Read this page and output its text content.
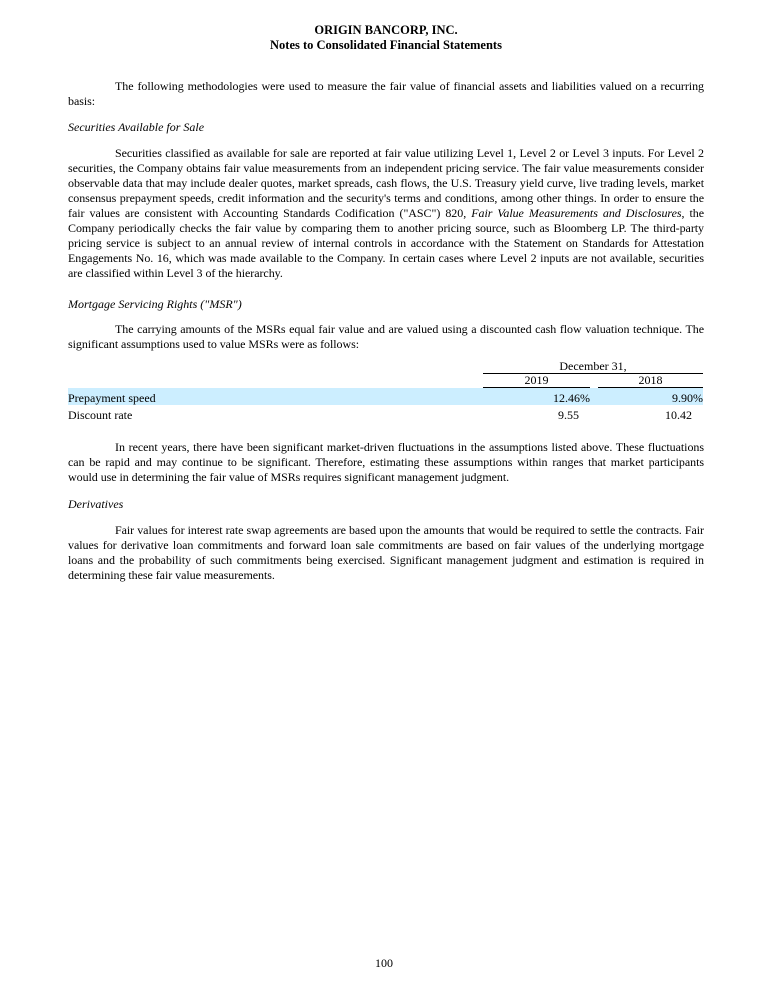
ORIGIN BANCORP, INC.
Notes to Consolidated Financial Statements

The following methodologies were used to measure the fair value of financial assets and liabilities valued on a recurring basis:

Securities Available for Sale

Securities classified as available for sale are reported at fair value utilizing Level 1, Level 2 or Level 3 inputs. For Level 2 securities, the Company obtains fair value measurements from an independent pricing service. The fair value measurements consider observable data that may include dealer quotes, market spreads, cash flows, the U.S. Treasury yield curve, live trading levels, market consensus prepayment speeds, credit information and the security's terms and conditions, among other things. In order to ensure the fair values are consistent with Accounting Standards Codification ("ASC") 820, Fair Value Measurements and Disclosures, the Company periodically checks the fair value by comparing them to another pricing source, such as Bloomberg LP. The third-party pricing service is subject to an annual review of internal controls in accordance with the Statement on Standards for Attestation Engagements No. 16, which was made available to the Company. In certain cases where Level 2 inputs are not available, securities are classified within Level 3 of the hierarchy.

Mortgage Servicing Rights ("MSR")

The carrying amounts of the MSRs equal fair value and are valued using a discounted cash flow valuation technique. The significant assumptions used to value MSRs were as follows:

	December 31,		
	2019		2018
Prepayment speed	12.46%		9.90%
Discount rate	9.55		10.42

In recent years, there have been significant market-driven fluctuations in the assumptions listed above. These fluctuations can be rapid and may continue to be significant. Therefore, estimating these assumptions within ranges that market participants would use in determining the fair value of MSRs requires significant management judgment.

Derivatives

Fair values for interest rate swap agreements are based upon the amounts that would be required to settle the contracts. Fair values for derivative loan commitments and forward loan sale commitments are based on fair values of the underlying mortgage loans and the probability of such commitments being exercised. Significant management judgment and estimation is required in determining these fair value measurements.

100
